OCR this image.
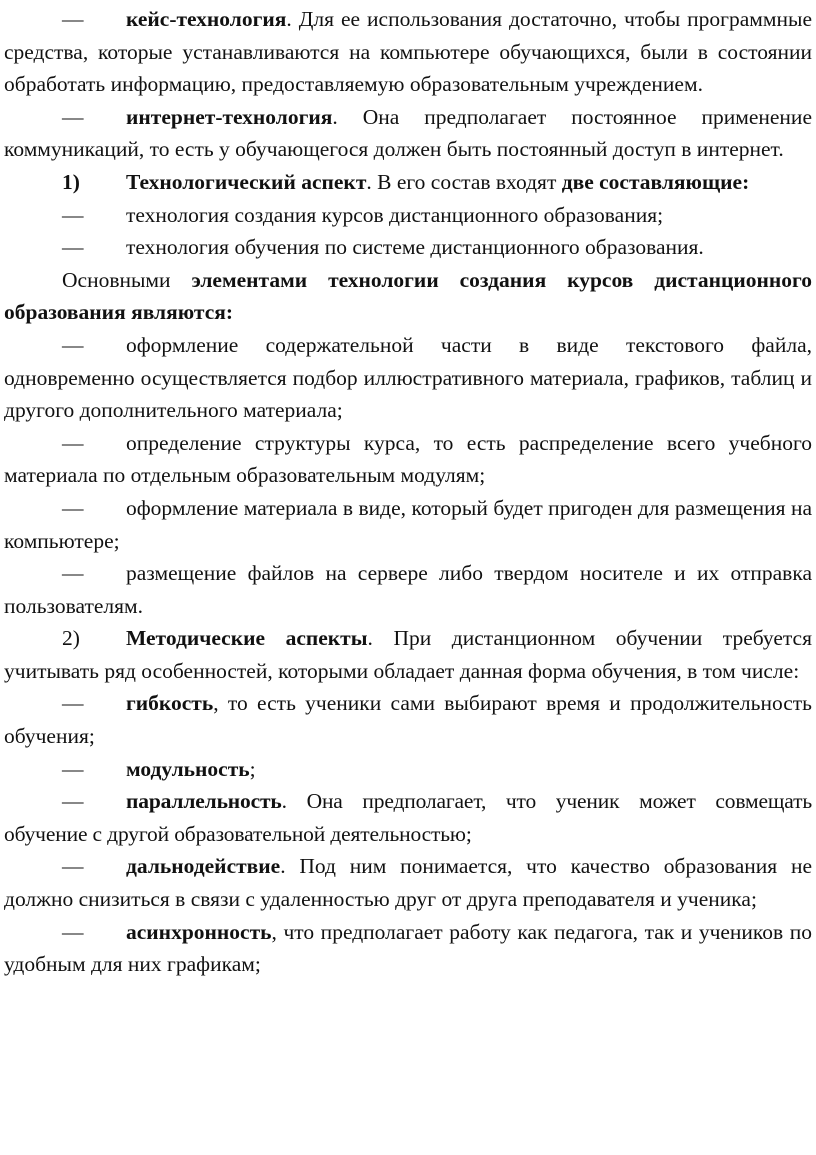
— кейс-технология. Для ее использования достаточно, чтобы программные средства, которые устанавливаются на компьютере обучающихся, были в состоянии обработать информацию, предоставляемую образовательным учреждением.

— интернет-технология. Она предполагает постоянное применение коммуникаций, то есть у обучающегося должен быть постоянный доступ в интернет.

1) Технологический аспект. В его состав входят две составляющие:

— технология создания курсов дистанционного образования;

— технология обучения по системе дистанционного образования.

Основными элементами технологии создания курсов дистанционного образования являются:

— оформление содержательной части в виде текстового файла, одновременно осуществляется подбор иллюстративного материала, графиков, таблиц и другого дополнительного материала;

— определение структуры курса, то есть распределение всего учебного материала по отдельным образовательным модулям;

— оформление материала в виде, который будет пригоден для размещения на компьютере;

— размещение файлов на сервере либо твердом носителе и их отправка пользователям.

2) Методические аспекты. При дистанционном обучении требуется учитывать ряд особенностей, которыми обладает данная форма обучения, в том числе:

— гибкость, то есть ученики сами выбирают время и продолжительность обучения;

— модульность;

— параллельность. Она предполагает, что ученик может совмещать обучение с другой образовательной деятельностью;

— дальнодействие. Под ним понимается, что качество образования не должно снизиться в связи с удаленностью друг от друга преподавателя и ученика;

— асинхронность, что предполагает работу как педагога, так и учеников по удобным для них графикам;
